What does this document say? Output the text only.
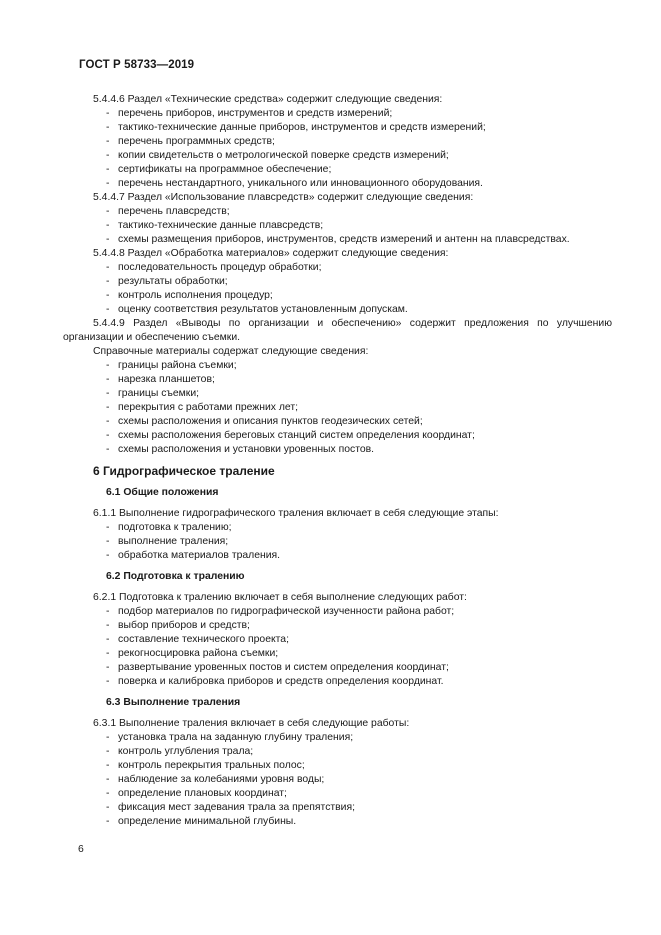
ГОСТ Р 58733—2019
5.4.4.6 Раздел «Технические средства» содержит следующие сведения:
- перечень приборов, инструментов и средств измерений;
- тактико-технические данные приборов, инструментов и средств измерений;
- перечень программных средств;
- копии свидетельств о метрологической поверке средств измерений;
- сертификаты на программное обеспечение;
- перечень нестандартного, уникального или инновационного оборудования.
5.4.4.7 Раздел «Использование плавсредств» содержит следующие сведения:
- перечень плавсредств;
- тактико-технические данные плавсредств;
- схемы размещения приборов, инструментов, средств измерений и антенн на плавсредствах.
5.4.4.8 Раздел «Обработка материалов» содержит следующие сведения:
- последовательность процедур обработки;
- результаты обработки;
- контроль исполнения процедур;
- оценку соответствия результатов установленным допускам.
5.4.4.9 Раздел «Выводы по организации и обеспечению» содержит предложения по улучшению
организации и обеспечению съемки.
Справочные материалы содержат следующие сведения:
- границы района съемки;
- нарезка планшетов;
- границы съемки;
- перекрытия с работами прежних лет;
- схемы расположения и описания пунктов геодезических сетей;
- схемы расположения береговых станций систем определения координат;
- схемы расположения и установки уровенных постов.
6 Гидрографическое траление
6.1 Общие положения
6.1.1 Выполнение гидрографического траления включает в себя следующие этапы:
- подготовка к тралению;
- выполнение траления;
- обработка материалов траления.
6.2 Подготовка к тралению
6.2.1 Подготовка к тралению включает в себя выполнение следующих работ:
- подбор материалов по гидрографической изученности района работ;
- выбор приборов и средств;
- составление технического проекта;
- рекогносцировка района съемки;
- развертывание уровенных постов и систем определения координат;
- поверка и калибровка приборов и средств определения координат.
6.3 Выполнение траления
6.3.1 Выполнение траления включает в себя следующие работы:
- установка трала на заданную глубину траления;
- контроль углубления трала;
- контроль перекрытия тральных полос;
- наблюдение за колебаниями уровня воды;
- определение плановых координат;
- фиксация мест задевания трала за препятствия;
- определение минимальной глубины.
6
